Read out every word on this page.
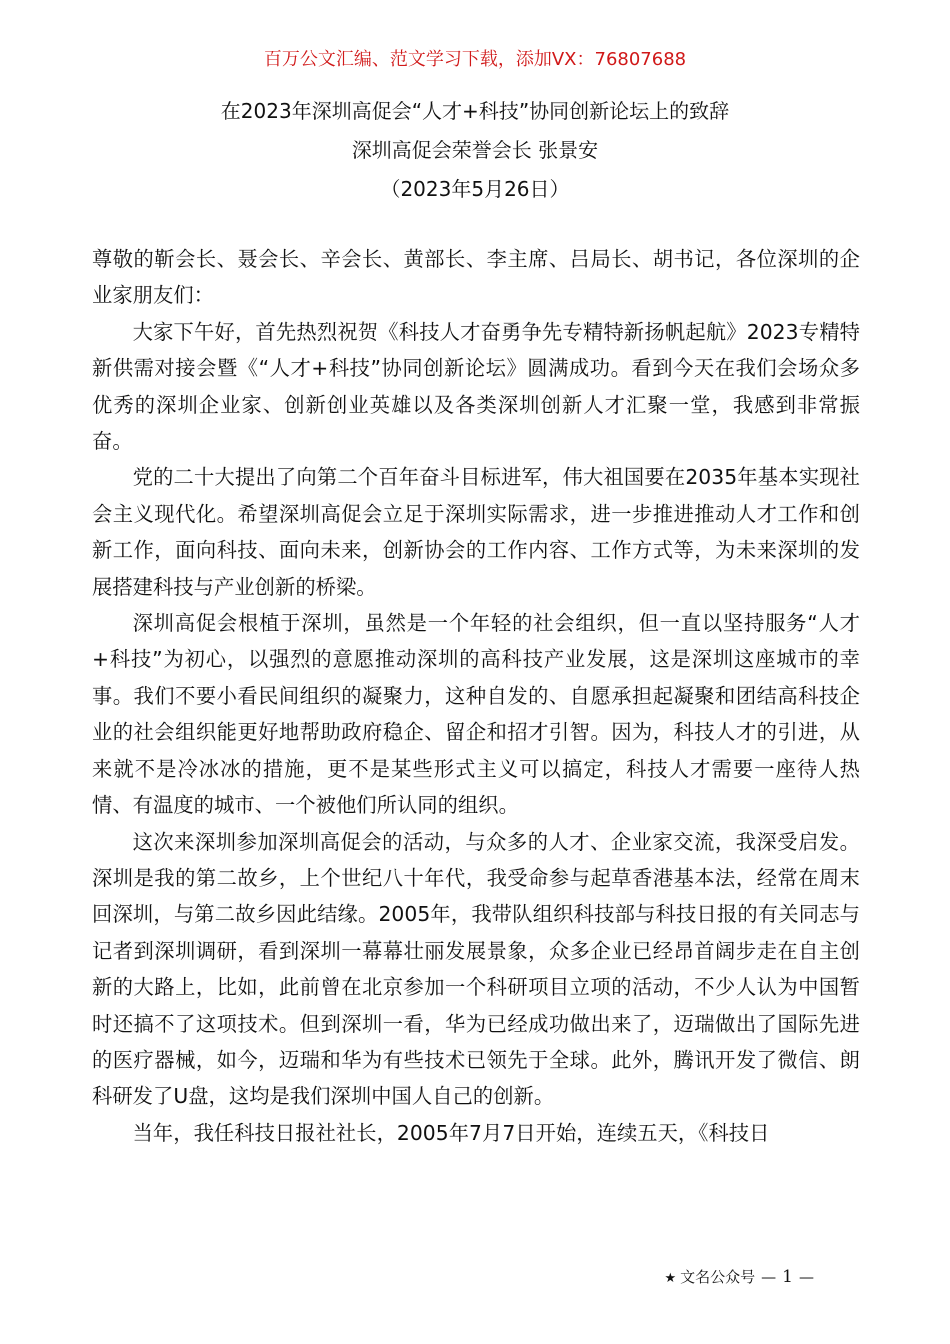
百万公文汇编、范文学习下载，添加VX：76807688
在2023年深圳高促会“人才+科技”协同创新论坛上的致辞
深圳高促会荣誉会长 张景安
（2023年5月26日）

尊敬的靳会长、聂会长、辛会长、黄部长、李主席、吕局长、胡书记，各位深圳的企业家朋友们：

大家下午好，首先热烈祝贺《科技人才奋勇争先专精特新扬帆起航》2023专精特新供需对接会暨《“人才+科技”协同创新论坛》圆满成功。看到今天在我们会场众多优秀的深圳企业家、创新创业英雄以及各类深圳创新人才汇聚一堂，我感到非常振奋。

党的二十大提出了向第二个百年奋斗目标进军，伟大祖国要在2035年基本实现社会主义现代化。希望深圳高促会立足于深圳实际需求，进一步推进推动人才工作和创新工作，面向科技、面向未来，创新协会的工作内容、工作方式等，为未来深圳的发展搭建科技与产业创新的桥梁。

深圳高促会根植于深圳，虽然是一个年轻的社会组织，但一直以坚持服务“人才+科技”为初心，以强烈的意愿推动深圳的高科技产业发展，这是深圳这座城市的幸事。我们不要小看民间组织的凝聚力，这种自发的、自愿承担起凝聚和团结高科技企业的社会组织能更好地帮助政府稳企、留企和招才引智。因为，科技人才的引进，从来就不是冷冰冰的措施，更不是某些形式主义可以搞定，科技人才需要一座待人热情、有温度的城市、一个被他们所认同的组织。

这次来深圳参加深圳高促会的活动，与众多的人才、企业家交流，我深受启发。深圳是我的第二故乡，上个世纪八十年代，我受命参与起草香港基本法，经常在周末回深圳，与第二故乡因此结缘。2005年，我带队组织科技部与科技日报的有关同志与记者到深圳调研，看到深圳一幕幕壮丽发展景象，众多企业已经昂首阔步走在自主创新的大路上，比如，此前曾在北京参加一个科研项目立项的活动，不少人认为中国暂时还搞不了这项技术。但到深圳一看，华为已经成功做出来了，迈瑞做出了国际先进的医疗器械，如今，迈瑞和华为有些技术已领先于全球。此外，腾讯开发了微信、朗科研发了U盘，这均是我们深圳中国人自己的创新。

当年，我任科技日报社社长，2005年7月7日开始，连续五天，《科技日

★ 文名公众号 — 1 —
